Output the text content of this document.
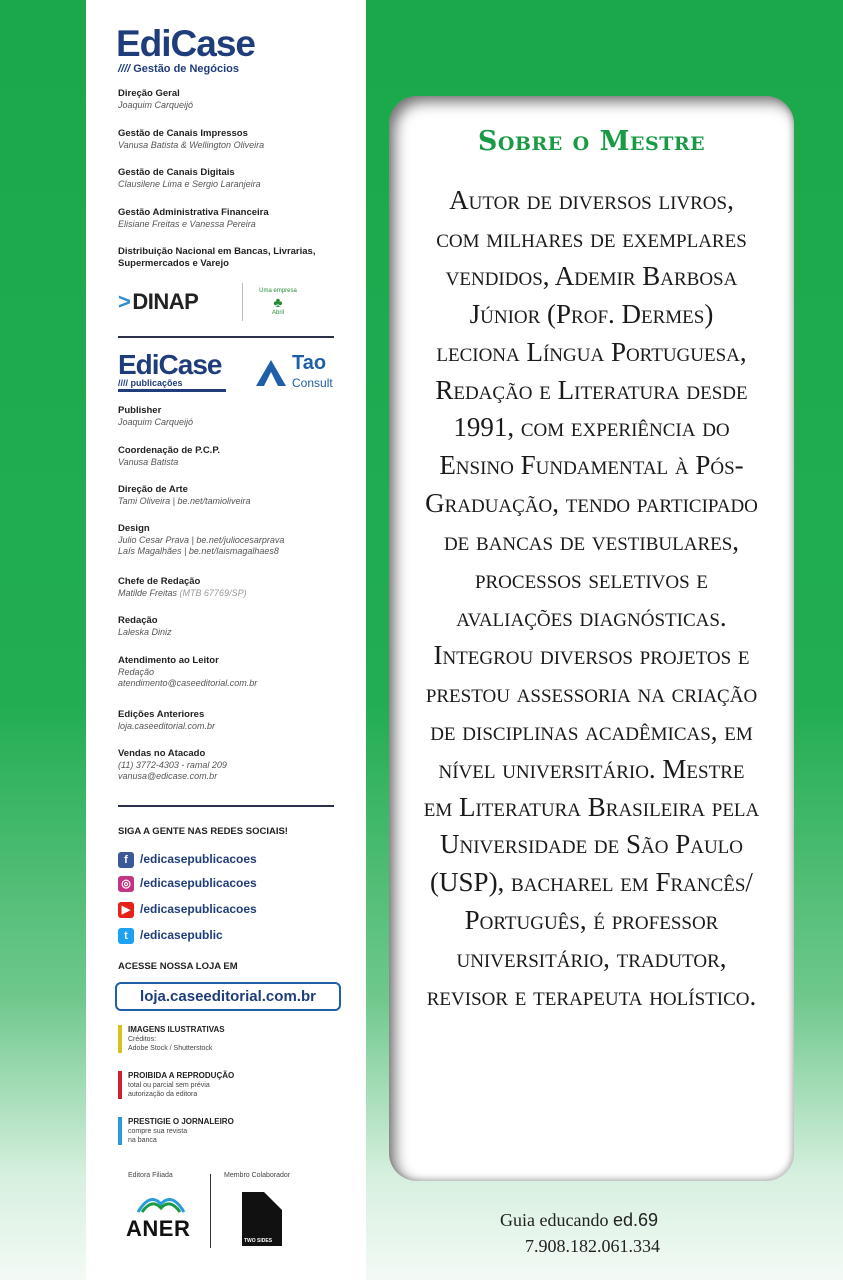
EdiCase
//// Gestão de Negócios
Direção Geral
Joaquim Carqueijó
Gestão de Canais Impressos
Vanusa Batista & Wellington Oliveira
Gestão de Canais Digitais
Clausilene Lima e Sergio Laranjeira
Gestão Administrativa Financeira
Elisiane Freitas e Vanessa Pereira
Distribuição Nacional em Bancas, Livrarias, Supermercados e Varejo
>DINAP	Uma empresa
♣
Abril
EdiCase
//// publicações
Tao
Consult
Publisher
Joaquim Carqueijó
Coordenação de P.C.P.
Vanusa Batista
Direção de Arte
Tami Oliveira | be.net/tamioliveira
Design
Julio Cesar Prava | be.net/juliocesarprava
Laís Magalhães | be.net/laismagalhaes8
Chefe de Redação
Matilde Freitas (MTB 67769/SP)
Redação
Laleska Diniz
Atendimento ao Leitor
Redação
atendimento@caseeditorial.com.br
Edições Anteriores
loja.caseeditorial.com.br
Vendas no Atacado
(11) 3772-4303 - ramal 209
vanusa@edicase.com.br
SIGA A GENTE NAS REDES SOCIAIS!
f	/edicasepublicacoes
◎ /edicasepublicacoes
▶ /edicasepublicacoes
t	/edicasepublic
ACESSE NOSSA LOJA EM
loja.caseeditorial.com.br
IMAGENS ILUSTRATIVAS
Créditos:
Adobe Stock / Shutterstock
PROIBIDA A REPRODUÇÃO
total ou parcial sem prévia
autorização da editora
PRESTIGIE O JORNALEIRO
compre sua revista
na banca
Editora Filiada
ANER
Membro Colaborador
TWO SIDES
Sobre o Mestre
Autor de diversos livros,
com milhares de exemplares
vendidos, Ademir Barbosa
Júnior (Prof. Dermes)
leciona Língua Portuguesa,
Redação e Literatura desde
1991, com experiência do
Ensino Fundamental à Pós-
Graduação, tendo participado
de bancas de vestibulares,
processos seletivos e
avaliações diagnósticas.
Integrou diversos projetos e
prestou assessoria na criação
de disciplinas acadêmicas, em
nível universitário. Mestre
em Literatura Brasileira pela
Universidade de São Paulo
(USP), bacharel em Francês/
Português, é professor
universitário, tradutor,
revisor e terapeuta holístico.
Guia educando ed.69
7.908.182.061.334
